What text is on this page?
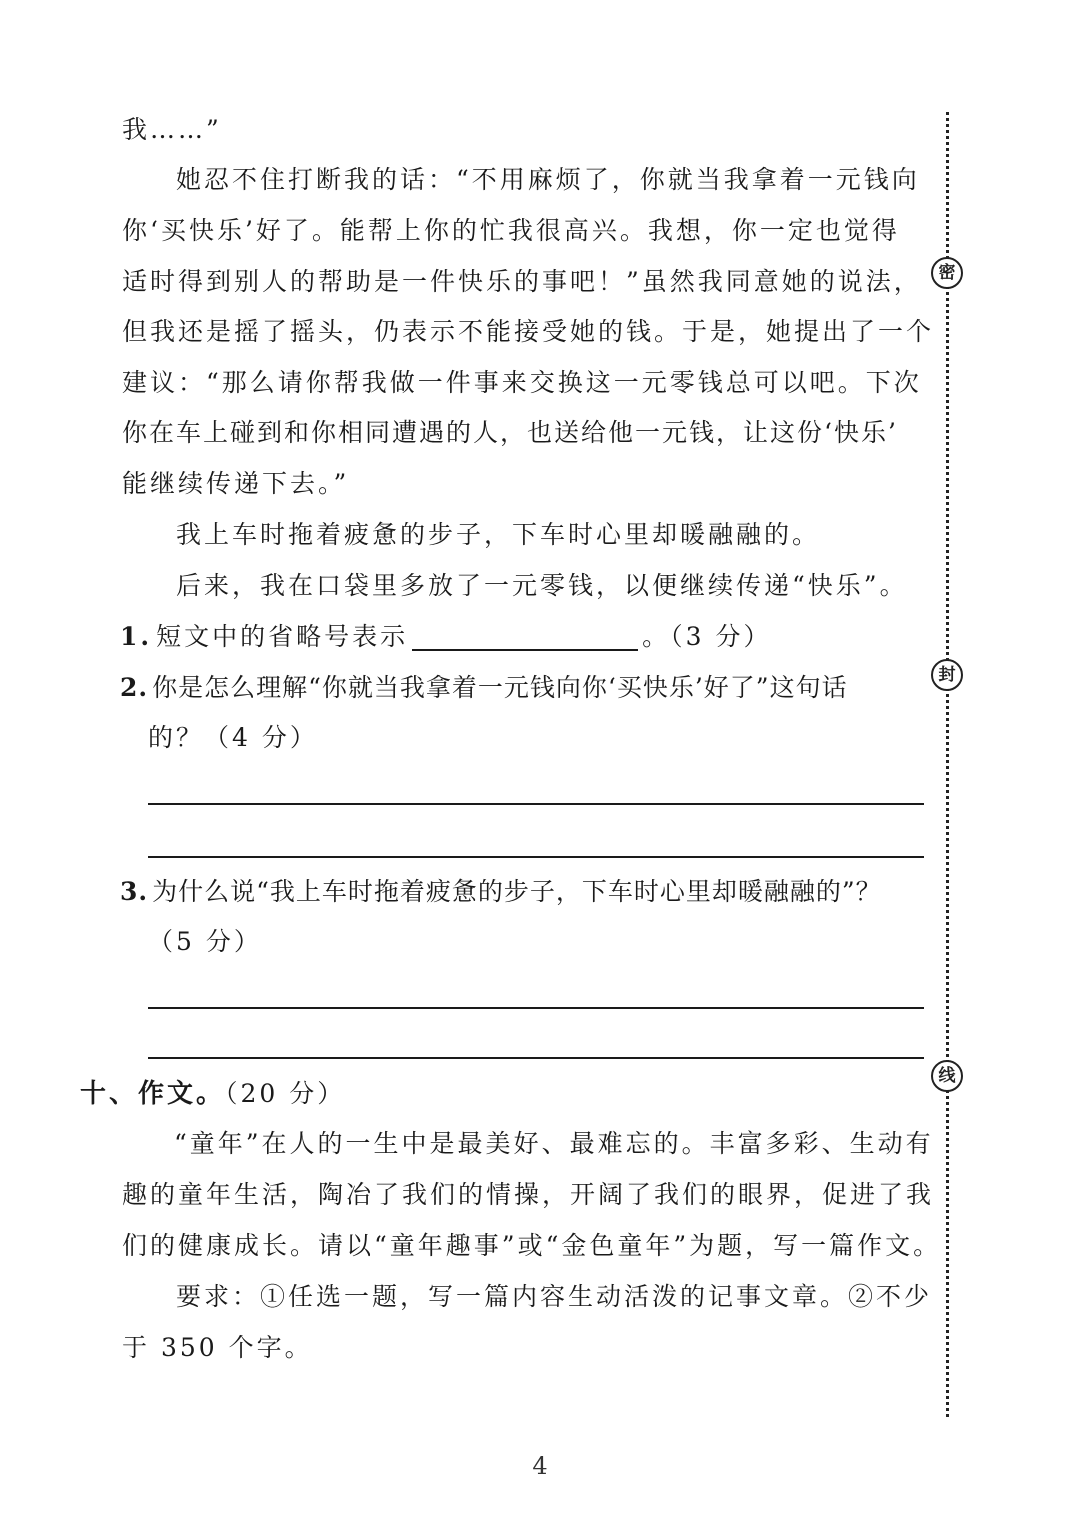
我……”
她忍不住打断我的话：“不用麻烦了，你就当我拿着一元钱向
你‘买快乐’好了。能帮上你的忙我很高兴。我想，你一定也觉得
适时得到别人的帮助是一件快乐的事吧！”虽然我同意她的说法，
但我还是摇了摇头，仍表示不能接受她的钱。于是，她提出了一个
建议：“那么请你帮我做一件事来交换这一元零钱总可以吧。下次
你在车上碰到和你相同遭遇的人，也送给他一元钱，让这份‘快乐’
能继续传递下去。”
我上车时拖着疲惫的步子，下车时心里却暖融融的。
后来，我在口袋里多放了一元零钱，以便继续传递“快乐”。
1. 短文中的省略号表示	。（3 分）
2. 你是怎么理解“你就当我拿着一元钱向你‘买快乐’好了”这句话
的？（4 分）
3. 为什么说“我上车时拖着疲惫的步子，下车时心里却暖融融的”？
（5 分）
十、作文。（20 分）
“童年”在人的一生中是最美好、最难忘的。丰富多彩、生动有
趣的童年生活，陶冶了我们的情操，开阔了我们的眼界，促进了我
们的健康成长。请以“童年趣事”或“金色童年”为题，写一篇作文。
要求：①任选一题，写一篇内容生动活泼的记事文章。②不少
于 350 个字。
密
封
线
4
